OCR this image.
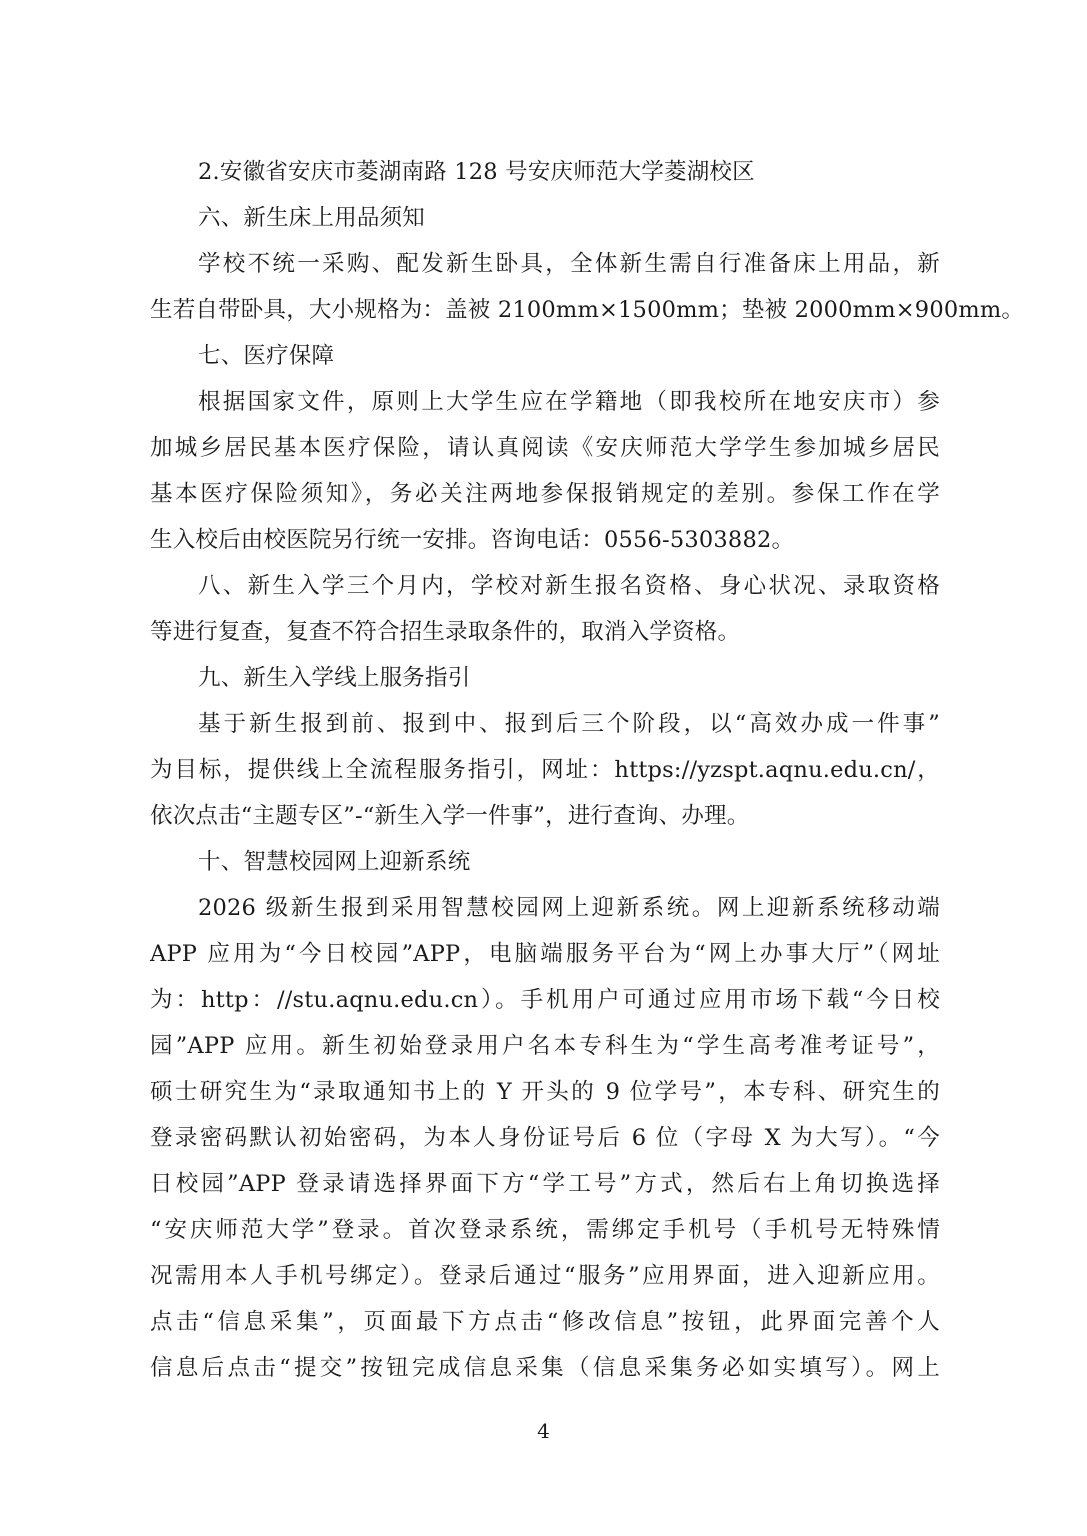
2.安徽省安庆市菱湖南路 128 号安庆师范大学菱湖校区
六、新生床上用品须知
学校不统一采购、配发新生卧具，全体新生需自行准备床上用品，新
生若自带卧具，大小规格为：盖被 2100mm×1500mm；垫被 2000mm×900mm。
七、医疗保障
根据国家文件，原则上大学生应在学籍地（即我校所在地安庆市）参
加城乡居民基本医疗保险，请认真阅读《安庆师范大学学生参加城乡居民
基本医疗保险须知》，务必关注两地参保报销规定的差别。参保工作在学
生入校后由校医院另行统一安排。咨询电话：0556-5303882。
八、新生入学三个月内，学校对新生报名资格、身心状况、录取资格
等进行复查，复查不符合招生录取条件的，取消入学资格。
九、新生入学线上服务指引
基于新生报到前、报到中、报到后三个阶段，以“高效办成一件事”
为目标，提供线上全流程服务指引，网址：https://yzspt.aqnu.edu.cn/，
依次点击“主题专区”-“新生入学一件事”，进行查询、办理。
十、智慧校园网上迎新系统
2026 级新生报到采用智慧校园网上迎新系统。网上迎新系统移动端
APP 应用为“今日校园”APP，电脑端服务平台为“网上办事大厅”（网址
为：http：//stu.aqnu.edu.cn）。手机用户可通过应用市场下载“今日校
园”APP 应用。新生初始登录用户名本专科生为“学生高考准考证号”，
硕士研究生为“录取通知书上的 Y 开头的 9 位学号”，本专科、研究生的
登录密码默认初始密码，为本人身份证号后 6 位（字母 X 为大写）。“今
日校园”APP 登录请选择界面下方“学工号”方式，然后右上角切换选择
“安庆师范大学”登录。首次登录系统，需绑定手机号（手机号无特殊情
况需用本人手机号绑定）。登录后通过“服务”应用界面，进入迎新应用。
点击“信息采集”，页面最下方点击“修改信息”按钮，此界面完善个人
信息后点击“提交”按钮完成信息采集（信息采集务必如实填写）。网上
4
